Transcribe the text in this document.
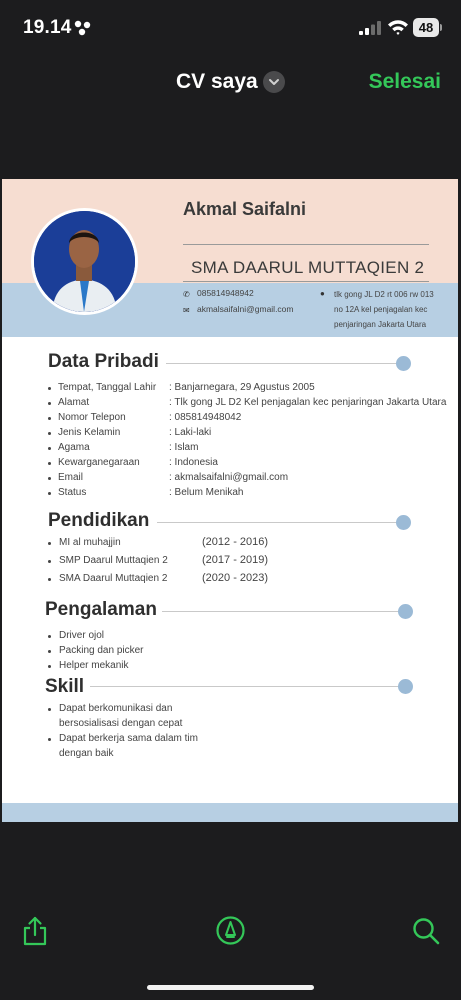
19.14	48
CV saya	Selesai
Akmal Saifalni
SMA DAARUL MUTTAQIEN 2
✆ 085814948942
✉ akmalsaifalni@gmail.com
● tlk gong JL D2 rt 006 rw 013
no 12A kel penjagalan kec
penjaringan Jakarta Utara
Data Pribadi
Tempat, Tanggal Lahir : Banjarnegara, 29 Agustus 2005
Alamat	: Tlk gong JL D2 Kel penjagalan kec penjaringan Jakarta Utara
Nomor Telepon	: 085814948042
Jenis Kelamin	: Laki-laki
Agama	: Islam
Kewarganegaraan	: Indonesia
Email	: akmalsaifalni@gmail.com
Status	: Belum Menikah
Pendidikan
MI al muhajjin	(2012 - 2016)
SMP Daarul Muttaqien 2	(2017 - 2019)
SMA Daarul Muttaqien 2	(2020 - 2023)
Pengalaman
Driver ojol
Packing dan picker
Helper mekanik
Skill
Dapat berkomunikasi dan
bersosialisasi dengan cepat
Dapat berkerja sama dalam tim
dengan baik
